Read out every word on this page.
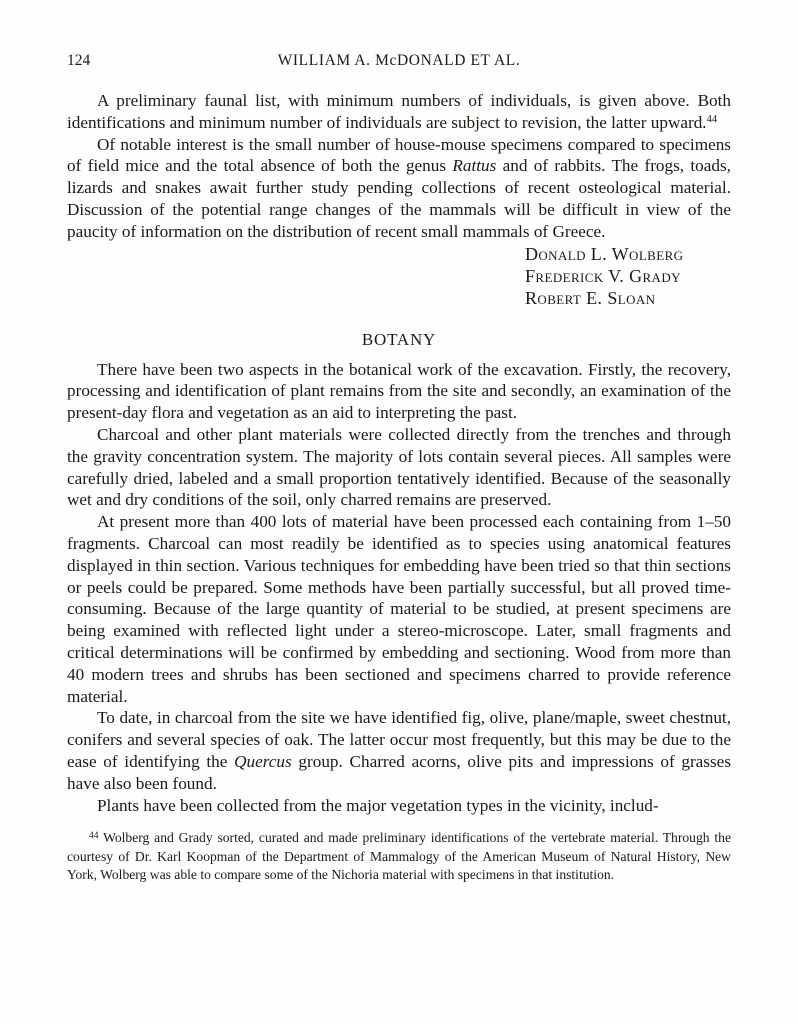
124	WILLIAM A. McDONALD ET AL.

A preliminary faunal list, with minimum numbers of individuals, is given above. Both identifications and minimum number of individuals are subject to revision, the latter upward.$^{44}$

Of notable interest is the small number of house-mouse specimens compared to specimens of field mice and the total absence of both the genus Rattus and of rabbits. The frogs, toads, lizards and snakes await further study pending collections of recent osteological material. Discussion of the potential range changes of the mammals will be difficult in view of the paucity of information on the distribution of recent small mammals of Greece.

Donald L. Wolberg
Frederick V. Grady
Robert E. Sloan
BOTANY

There have been two aspects in the botanical work of the excavation. Firstly, the recovery, processing and identification of plant remains from the site and secondly, an examination of the present-day flora and vegetation as an aid to interpreting the past.

Charcoal and other plant materials were collected directly from the trenches and through the gravity concentration system. The majority of lots contain several pieces. All samples were carefully dried, labeled and a small proportion tentatively identified. Because of the seasonally wet and dry conditions of the soil, only charred remains are preserved.

At present more than 400 lots of material have been processed each containing from 1–50 fragments. Charcoal can most readily be identified as to species using anatomical features displayed in thin section. Various techniques for embedding have been tried so that thin sections or peels could be prepared. Some methods have been partially successful, but all proved time-consuming. Because of the large quantity of material to be studied, at present specimens are being examined with reflected light under a stereo-microscope. Later, small fragments and critical determinations will be confirmed by embedding and sectioning. Wood from more than 40 modern trees and shrubs has been sectioned and specimens charred to provide reference material.

To date, in charcoal from the site we have identified fig, olive, plane/maple, sweet chestnut, conifers and several species of oak. The latter occur most frequently, but this may be due to the ease of identifying the Quercus group. Charred acorns, olive pits and impressions of grasses have also been found.

Plants have been collected from the major vegetation types in the vicinity, includ-

$^{44}$ Wolberg and Grady sorted, curated and made preliminary identifications of the vertebrate material. Through the courtesy of Dr. Karl Koopman of the Department of Mammalogy of the American Museum of Natural History, New York, Wolberg was able to compare some of the Nichoria material with specimens in that institution.
